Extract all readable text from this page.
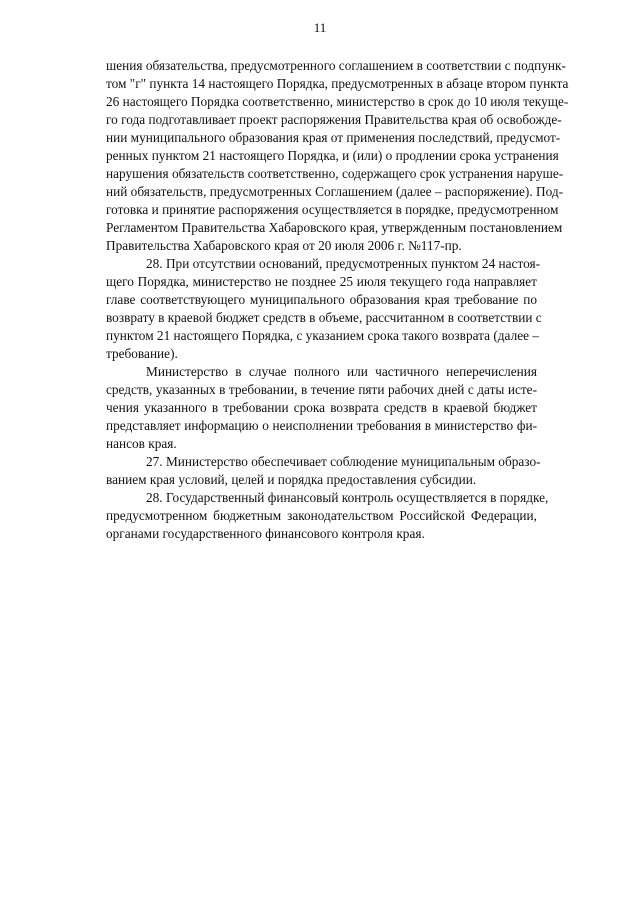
11
шения обязательства, предусмотренного соглашением в соответствии с подпунк-
том "г" пункта 14 настоящего Порядка, предусмотренных в абзаце втором пункта
26 настоящего Порядка соответственно, министерство в срок до 10 июля текуще-
го года подготавливает проект распоряжения Правительства края об освобожде-
нии муниципального образования края от применения последствий, предусмот-
ренных пунктом 21 настоящего Порядка, и (или) о продлении срока устранения
нарушения обязательств соответственно, содержащего срок устранения наруше-
ний обязательств, предусмотренных Соглашением (далее – распоряжение). Под-
готовка и принятие распоряжения осуществляется в порядке, предусмотренном
Регламентом Правительства Хабаровского края, утвержденным постановлением
Правительства Хабаровского края от 20 июля 2006 г. №117-пр.
28. При отсутствии оснований, предусмотренных пунктом 24 настоя-
щего Порядка, министерство не позднее 25 июля текущего года направляет
главе соответствующего муниципального образования края требование по
возврату в краевой бюджет средств в объеме, рассчитанном в соответствии с
пунктом 21 настоящего Порядка, с указанием срока такого возврата (далее –
требование).
Министерство в случае полного или частичного неперечисления
средств, указанных в требовании, в течение пяти рабочих дней с даты исте-
чения указанного в требовании срока возврата средств в краевой бюджет
представляет информацию о неисполнении требования в министерство фи-
нансов края.
27. Министерство обеспечивает соблюдение муниципальным образо-
ванием края условий, целей и порядка предоставления субсидии.
28. Государственный финансовый контроль осуществляется в порядке,
предусмотренном бюджетным законодательством Российской Федерации,
органами государственного финансового контроля края.
